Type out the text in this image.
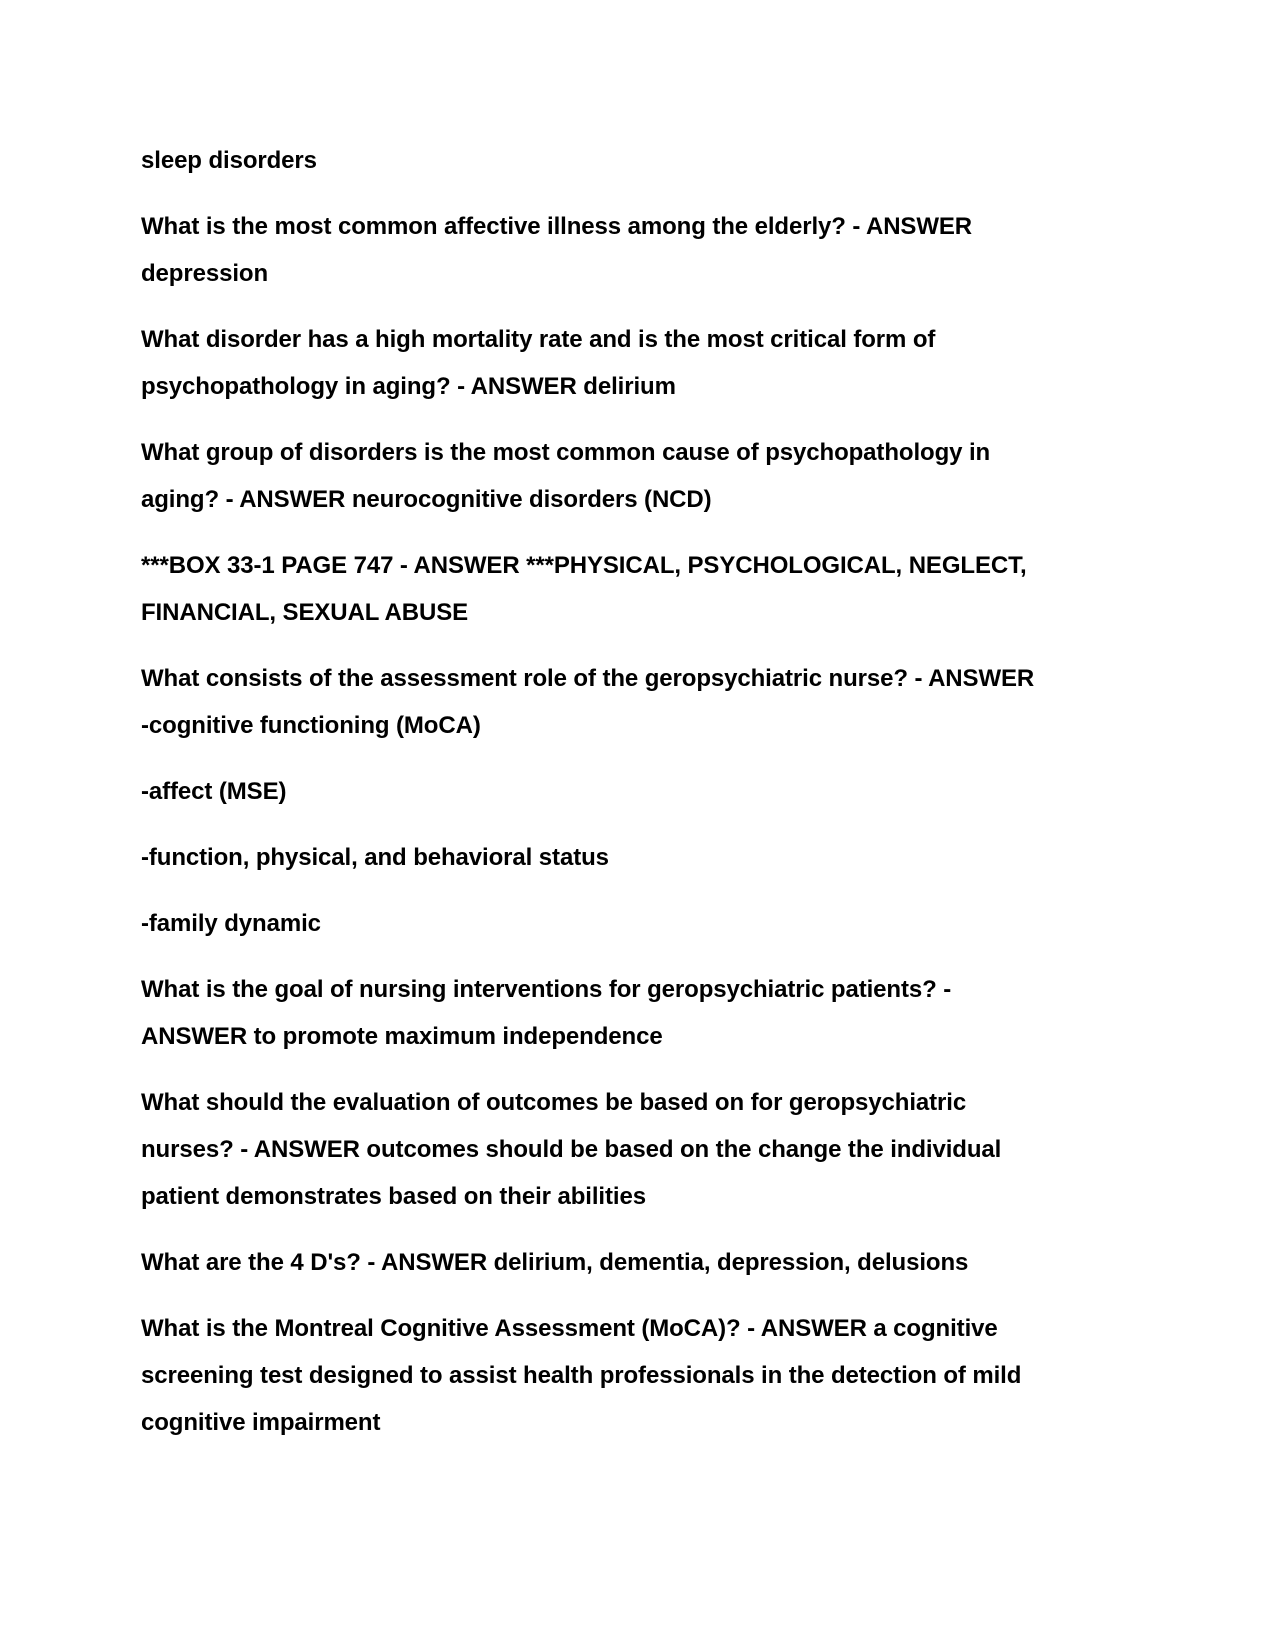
sleep disorders
What is the most common affective illness among the elderly? - ANSWER
depression
What disorder has a high mortality rate and is the most critical form of
psychopathology in aging? - ANSWER delirium
What group of disorders is the most common cause of psychopathology in
aging? - ANSWER neurocognitive disorders (NCD)
***BOX 33-1 PAGE 747 - ANSWER ***PHYSICAL, PSYCHOLOGICAL, NEGLECT,
FINANCIAL, SEXUAL ABUSE
What consists of the assessment role of the geropsychiatric nurse? - ANSWER
-cognitive functioning (MoCA)
-affect (MSE)
-function, physical, and behavioral status
-family dynamic
What is the goal of nursing interventions for geropsychiatric patients? -
ANSWER to promote maximum independence
What should the evaluation of outcomes be based on for geropsychiatric
nurses? - ANSWER outcomes should be based on the change the individual
patient demonstrates based on their abilities
What are the 4 D's? - ANSWER delirium, dementia, depression, delusions
What is the Montreal Cognitive Assessment (MoCA)? - ANSWER a cognitive
screening test designed to assist health professionals in the detection of mild
cognitive impairment
